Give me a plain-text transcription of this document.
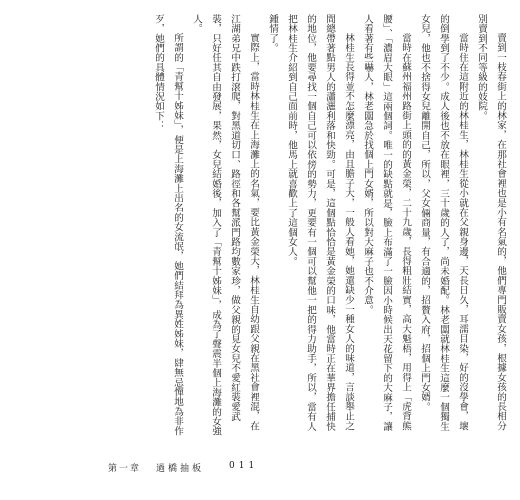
賣到一枝春街上的林家，在那社會裡也是小有名氣的，他們專門販賣女孩，根據女孩的長相分別賣到不同等級的妓院。

當時住在這附近的林桂生，林桂生從小就在父親身邊，天長日久，耳濡目染，好的沒學會，壞的倒學到了不少。成人後也不放在眼裡，三十歲的人了，尚未婚配。林老闆就林桂生這麼一個獨生女兒，他也不捨得女兒離開自己，所以，父女倆商量，有合適的，招贅入府，招個上門女婿。

當時在蘇州福州路街上頭的的黃金榮，二十九歲，長得粗壯結實，高大魁梧，用得上「虎背熊腰」、「濃眉大眼」這兩個詞。唯一的缺點就是，臉上布滿了一臉因小時候出天花留下的大麻子，讓人看著有些嚇人，林老闆急於找個上門女婿，所以對大麻子也不介意。

林桂生長得並不怎麼漂亮，由且膽子大，一般人看她，她還缺少一種女人的味道，言談舉止之間總帶著點男人的瀟灑利落和快勁。可是，這個點恰恰是黃金榮的口味，他當時正在華界擔任捕快的地位，他要尋找一個自己可以依傍的勢力，更要有一個可以幫他一把的得力助手，所以，當有人把林桂生介紹到自己面前時，他馬上就喜歡上了這個女人。

鍾情了。

實際上，當時林桂生在上海灘上的名氣，要比黃金榮大，林桂生自幼跟父親在黑社會裡混，在江湖弟兄中跌打滾爬，對黑道切口、路徑和各幫派門路均數家珍，做父親的見女兒不愛紅裝愛武裝，只好任其自由發展，果然，女兒結婚後，加入了「青幫十姊妹」，成為了聲震半個上海灘的女強人。

所謂的「青幫十姊妹」，便是上海灘上出名的女流氓，她們結拜為異姓姊妹，肆無忌憚地為非作歹，她們的具體情況如下：

第一章 過橋抽板	011
